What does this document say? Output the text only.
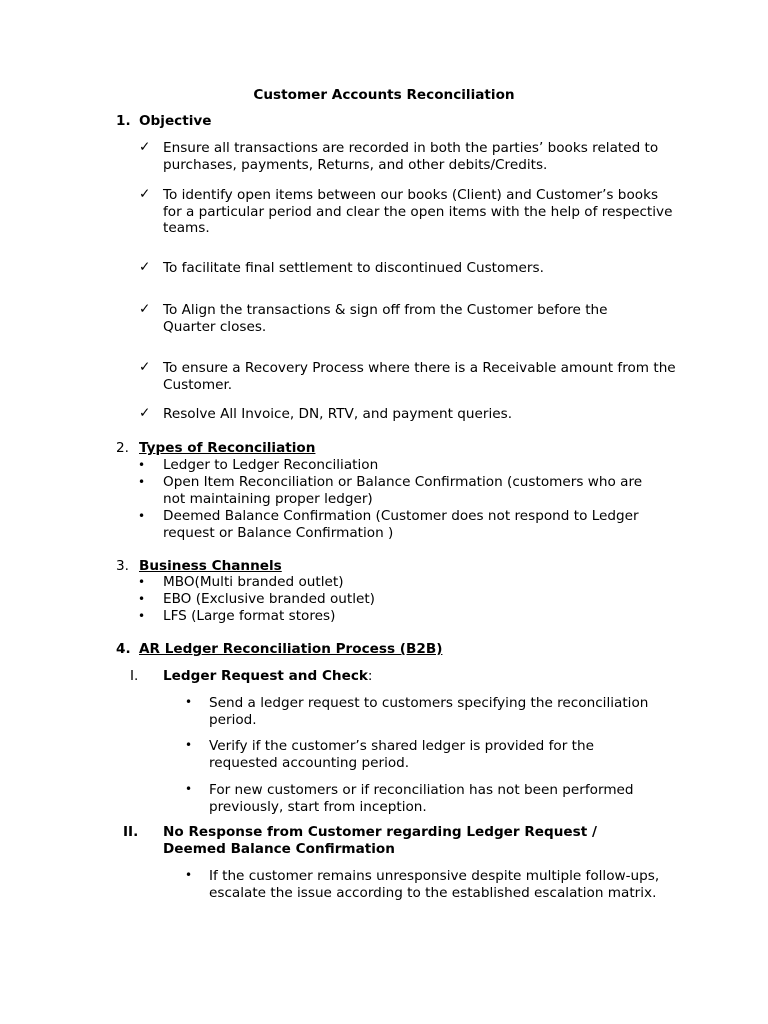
Customer Accounts Reconciliation
1. Objective
✓ Ensure all transactions are recorded in both the parties’ books related to purchases, payments, Returns, and other debits/Credits.
✓ To identify open items between our books (Client) and Customer’s books for a particular period and clear the open items with the help of respective teams.
✓ To facilitate final settlement to discontinued Customers.
✓ To Align the transactions & sign off from the Customer before the Quarter closes.
✓ To ensure a Recovery Process where there is a Receivable amount from the Customer.
✓ Resolve All Invoice, DN, RTV, and payment queries.
2. Types of Reconciliation
•	Ledger to Ledger Reconciliation
•	Open Item Reconciliation or Balance Confirmation (customers who are not maintaining proper ledger)
•	Deemed Balance Confirmation (Customer does not respond to Ledger request or Balance Confirmation )
3. Business Channels
•	MBO(Multi branded outlet)
•	EBO (Exclusive branded outlet)
•	LFS (Large format stores)
4. AR Ledger Reconciliation Process (B2B)
I. Ledger Request and Check:
•	Send a ledger request to customers specifying the reconciliation period.
•	Verify if the customer’s shared ledger is provided for the requested accounting period.
•	For new customers or if reconciliation has not been performed previously, start from inception.
II. No Response from Customer regarding Ledger Request / Deemed Balance Confirmation
•	If the customer remains unresponsive despite multiple follow-ups, escalate the issue according to the established escalation matrix.
